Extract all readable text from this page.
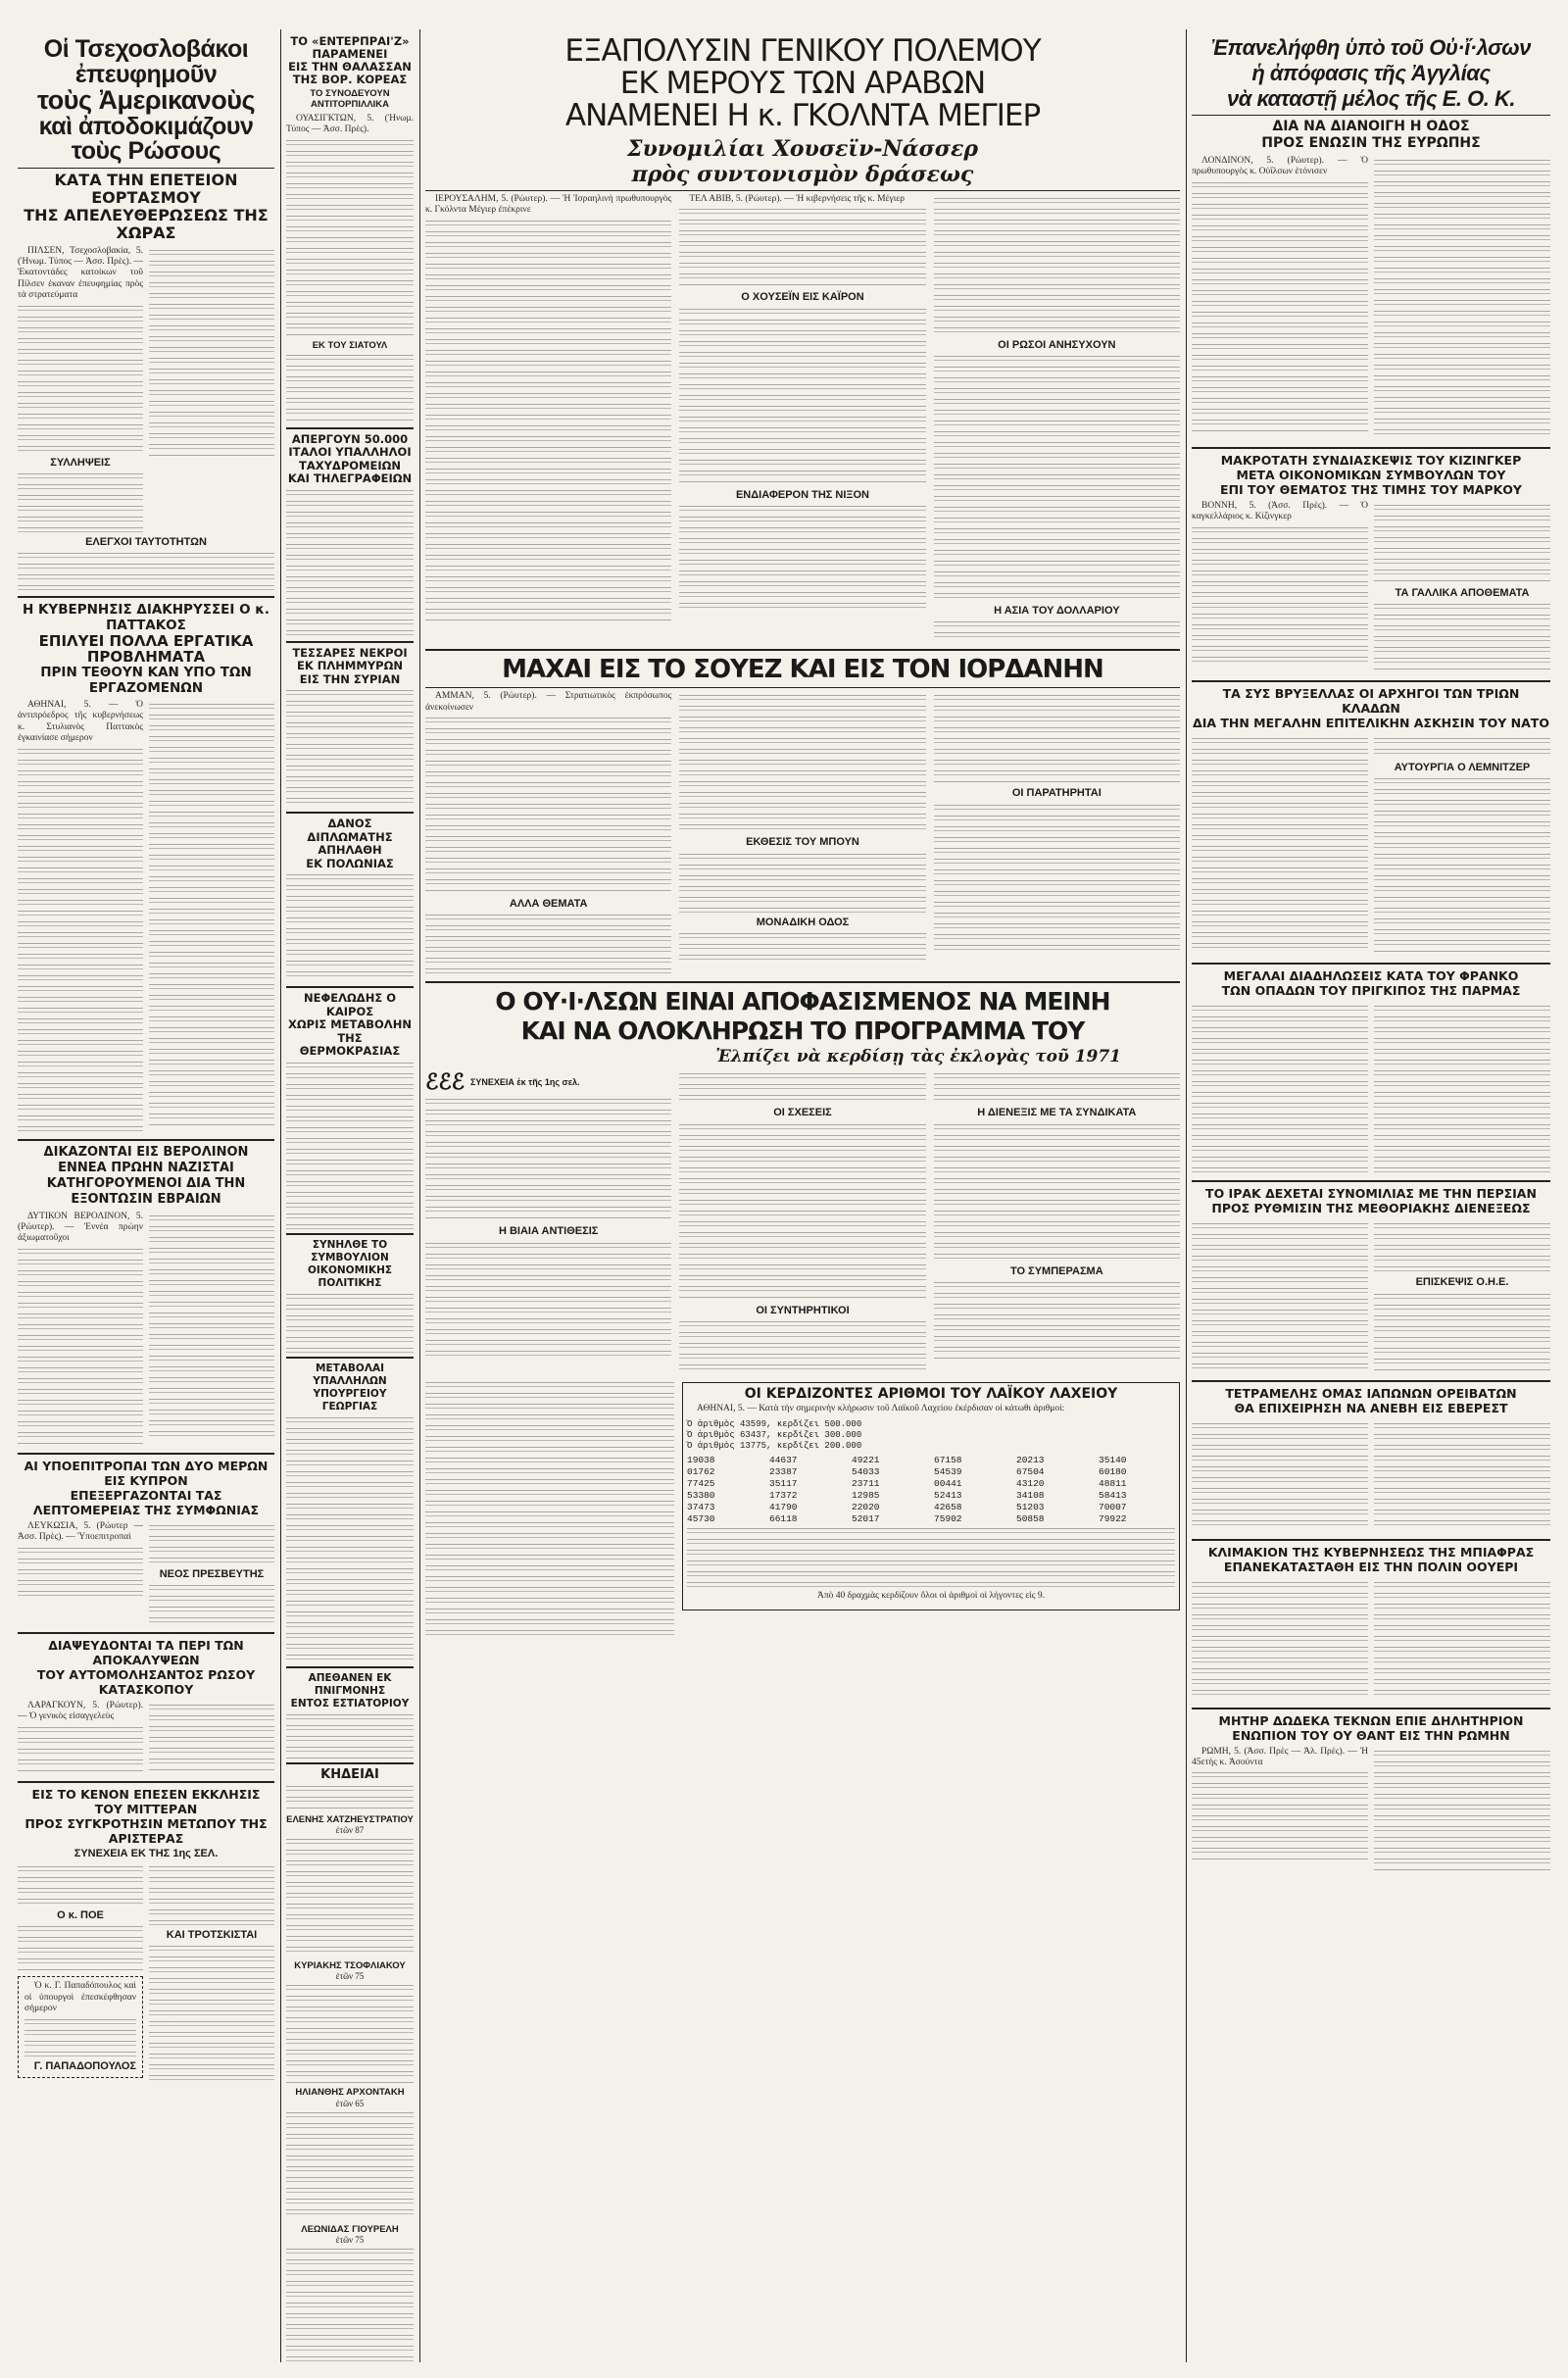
Οἱ Τσεχοσλοβάκοι ἐπευφημοῦν
τοὺς Ἀμερικανοὺς
καὶ ἀποδοκιμάζουν τοὺς Ρώσους
ΚΑΤΑ ΤΗΝ ΕΠΕΤΕΙΟΝ ΕΟΡΤΑΣΜΟΥ
ΤΗΣ ΑΠΕΛΕΥΘΕΡΩΣΕΩΣ ΤΗΣ ΧΩΡΑΣ

ΠΙΛΣΕΝ, Τσεχοσλοβακία, 5. (Ἡνωμ. Τύπος — Ἀσσ. Πρὲς). — Ἐκατοντάδες κατοίκων τοῦ Πίλσεν ἐκαναν ἐπευφημίας πρὸς τὰ στρατεύματα

ΣΥΛΛΗΨΕΙΣ
ΕΛΕΓΧΟΙ ΤΑΥΤΟΤΗΤΩΝ
Η ΚΥΒΕΡΝΗΣΙΣ ΔΙΑΚΗΡΥΣΣΕΙ Ο κ. ΠΑΤΤΑΚΟΣ
ΕΠΙΛΥΕΙ ΠΟΛΛΑ ΕΡΓΑΤΙΚΑ ΠΡΟΒΛΗΜΑΤΑ
ΠΡΙΝ ΤΕΘΟΥΝ ΚΑΝ ΥΠΟ ΤΩΝ ΕΡΓΑΖΟΜΕΝΩΝ

ΑΘΗΝΑΙ, 5. — Ὁ ἀντιπρόεδρος τῆς κυβερνήσεως κ. Στυλιανὸς Παττακὸς ἐγκαινίασε σήμερον

ΔΙΚΑΖΟΝΤΑΙ ΕΙΣ ΒΕΡΟΛΙΝΟΝ ΕΝΝΕΑ ΠΡΩΗΝ ΝΑΖΙΣΤΑΙ
ΚΑΤΗΓΟΡΟΥΜΕΝΟΙ ΔΙΑ ΤΗΝ ΕΞΟΝΤΩΣΙΝ ΕΒΡΑΙΩΝ

ΔΥΤΙΚΟΝ ΒΕΡΟΛΙΝΟΝ, 5. (Ρώυτερ). — Ἐννέα πρώην ἀξιωματοῦχοι

ΑΙ ΥΠΟΕΠΙΤΡΟΠΑΙ ΤΩΝ ΔΥΟ ΜΕΡΩΝ ΕΙΣ ΚΥΠΡΟΝ
ΕΠΕΞΕΡΓΑΖΟΝΤΑΙ ΤΑΣ ΛΕΠΤΟΜΕΡΕΙΑΣ ΤΗΣ ΣΥΜΦΩΝΙΑΣ

ΛΕΥΚΩΣΙΑ, 5. (Ρώυτερ — Ἀσσ. Πρὲς). — Ὑποεπιτροπαὶ

ΝΕΟΣ ΠΡΕΣΒΕΥΤΗΣ
ΔΙΑΨΕΥΔΟΝΤΑΙ ΤΑ ΠΕΡΙ ΤΩΝ ΑΠΟΚΑΛΥΨΕΩΝ
ΤΟΥ ΑΥΤΟΜΟΛΗΣΑΝΤΟΣ ΡΩΣΟΥ ΚΑΤΑΣΚΟΠΟΥ

ΛΑΡΑΓΚΟΥΝ, 5. (Ρώυτερ). — Ὁ γενικὸς εἰσαγγελεὺς

ΕΙΣ ΤΟ ΚΕΝΟΝ ΕΠΕΣΕΝ ΕΚΚΛΗΣΙΣ ΤΟΥ ΜΙΤΤΕΡΑΝ
ΠΡΟΣ ΣΥΓΚΡΟΤΗΣΙΝ ΜΕΤΩΠΟΥ ΤΗΣ ΑΡΙΣΤΕΡΑΣ
ΣΥΝΕΧΕΙΑ ΕΚ ΤΗΣ 1ης ΣΕΛ.
Ο κ. ΠΟΕ

Ὁ κ. Γ. Παπαδόπουλος καὶ οἱ ὑπουργοὶ ἐπεσκέφθησαν σήμερον

Γ. ΠΑΠΑΔΟΠΟΥΛΟΣ
ΚΑΙ ΤΡΟΤΣΚΙΣΤΑΙ
ΤΟ «ΕΝΤΕΡΠΡΑΙ'Ζ»
ΠΑΡΑΜΕΝΕΙ
ΕΙΣ ΤΗΝ ΘΑΛΑΣΣΑΝ
ΤΗΣ ΒΟΡ. ΚΟΡΕΑΣ
ΤΟ ΣΥΝΟΔΕΥΟΥΝ
ΑΝΤΙΤΟΡΠΙΛΛΙΚΑ

ΟΥΑΣΙΓΚΤΩΝ, 5. (Ἡνωμ. Τύπος — Ἀσσ. Πρὲς).

ΕΚ ΤΟΥ ΣΙΑΤΟΥΛ
ΑΠΕΡΓΟΥΝ 50.000
ΙΤΑΛΟΙ ΥΠΑΛΛΗΛΟΙ
ΤΑΧΥΔΡΟΜΕΙΩΝ
ΚΑΙ ΤΗΛΕΓΡΑΦΕΙΩΝ
ΤΕΣΣΑΡΕΣ ΝΕΚΡΟΙ
ΕΚ ΠΛΗΜΜΥΡΩΝ
ΕΙΣ ΤΗΝ ΣΥΡΙΑΝ
ΔΑΝΟΣ ΔΙΠΛΩΜΑΤΗΣ
ΑΠΗΛΑΘΗ
ΕΚ ΠΟΛΩΝΙΑΣ
ΝΕΦΕΛΩΔΗΣ Ο ΚΑΙΡΟΣ
ΧΩΡΙΣ ΜΕΤΑΒΟΛΗΝ
ΤΗΣ ΘΕΡΜΟΚΡΑΣΙΑΣ
ΣΥΝΗΛΘΕ ΤΟ ΣΥΜΒΟΥΛΙΟΝ
ΟΙΚΟΝΟΜΙΚΗΣ ΠΟΛΙΤΙΚΗΣ
ΜΕΤΑΒΟΛΑΙ ΥΠΑΛΛΗΛΩΝ
ΥΠΟΥΡΓΕΙΟΥ ΓΕΩΡΓΙΑΣ
ΑΠΕΘΑΝΕΝ ΕΚ ΠΝΙΓΜΟΝΗΣ
ΕΝΤΟΣ ΕΣΤΙΑΤΟΡΙΟΥ
ΚΗΔΕΙΑΙ
ΕΛΕΝΗΣ ΧΑΤΖΗΕΥΣΤΡΑΤΙΟΥ
ἐτῶν 87
ΚΥΡΙΑΚΗΣ ΤΣΟΦΛΙΑΚΟΥ
ἐτῶν 75
ΗΛΙΑΝΘΗΣ ΑΡΧΟΝΤΑΚΗ
ἐτῶν 65
ΛΕΩΝΙΔΑΣ ΓΙΟΥΡΕΛΗ
ἐτῶν 75
ΕΞΑΠΟΛΥΣΙΝ ΓΕΝΙΚΟΥ ΠΟΛΕΜΟΥ
ΕΚ ΜΕΡΟΥΣ ΤΩΝ ΑΡΑΒΩΝ
ΑΝΑΜΕΝΕΙ Η κ. ΓΚΟΛΝΤΑ ΜΕΓΙΕΡ
Συνομιλίαι Χουσεϊν-Νάσσερ
πρὸς συντονισμὸν δράσεως

ΙΕΡΟΥΣΑΛΗΜ, 5. (Ρώυτερ). — Ἡ Ἰσραηλινὴ πρωθυπουργὸς κ. Γκόλντα Μέγιερ ἐπέκρινε

ΤΕΛ ΑΒΙΒ, 5. (Ρώυτερ). — Ἡ κιβερνήσεις τῆς κ. Μέγιερ

Ο ΧΟΥΣΕΪΝ ΕΙΣ ΚΑΪΡΟΝ
ΕΝΔΙΑΦΕΡΟΝ ΤΗΣ ΝΙΞΟΝ
ΟΙ ΡΩΣΟΙ ΑΝΗΣΥΧΟΥΝ
Η ΑΣΙΑ ΤΟΥ ΔΟΛΛΑΡΙΟΥ
ΜΑΧΑΙ ΕΙΣ ΤΟ ΣΟΥΕΖ ΚΑΙ ΕΙΣ ΤΟΝ ΙΟΡΔΑΝΗΝ

ΑΜΜΑΝ, 5. (Ρώυτερ). — Στρατιωτικὸς ἐκπρόσωπος ἀνεκοίνωσεν

ΑΛΛΑ ΘΕΜΑΤΑ
ΕΚΘΕΣΙΣ ΤΟΥ ΜΠΟΥΝ
ΜΟΝΑΔΙΚΗ ΟΔΟΣ
ΟΙ ΠΑΡΑΤΗΡΗΤΑΙ
Ο ΟΥ·Ι·ΛΣΩΝ ΕΙΝΑΙ ΑΠΟΦΑΣΙΣΜΕΝΟΣ ΝΑ ΜΕΙΝΗ
ΚΑΙ ΝΑ ΟΛΟΚΛΗΡΩΣΗ ΤΟ ΠΡΟΓΡΑΜΜΑ ΤΟΥ
Ἐλπίζει νὰ κερδίσῃ τὰς ἐκλογὰς τοῦ 1971
ℰℰℰ ΣΥΝΕΧΕΙΑ ἐκ τῆς 1ης σελ.
Η ΒΙΑΙΑ ΑΝΤΙΘΕΣΙΣ
ΟΙ ΣΧΕΣΕΙΣ
ΟΙ ΣΥΝΤΗΡΗΤΙΚΟΙ
Η ΔΙΕΝΕΞΙΣ ΜΕ ΤΑ ΣΥΝΔΙΚΑΤΑ
ΤΟ ΣΥΜΠΕΡΑΣΜΑ
ΟΙ ΚΕΡΔΙΖΟΝΤΕΣ ΑΡΙΘΜΟΙ ΤΟΥ ΛΑΪΚΟΥ ΛΑΧΕΙΟΥ

ΑΘΗΝΑΙ, 5. — Κατὰ τὴν σημερινὴν κλήρωσιν τοῦ Λαϊκοῦ Λαχείου ἐκέρδισαν οἱ κάτωθι ἀριθμοί:

Ὁ ἀριθμὸς 43599, κερδίζει 500.000
Ὁ ἀριθμὸς 63437, κερδίζει 300.000
Ὁ ἀριθμὸς 13775, κερδίζει 200.000
19038	44637	49221	67158	20213	35140
01762	23387	54033	54539	67504	60180
77425	35117	23711	00441	43120	48811
53380	17372	12985	52413	34108	58413
37473	41790	22020	42658	51203	70007
45730	66118	52017	75902	50858	79922

Ἀπὸ 40 δραχμὰς κερδίζουν ὅλοι οἱ ἀριθμοὶ οἱ λήγοντες εἰς 9.

Ἐπανελήφθη ὑπὸ τοῦ Οὐ·ἴ·λσων
ἡ ἀπόφασις τῆς Ἀγγλίας
νὰ καταστῇ μέλος τῆς Ε. Ο. Κ.
ΔΙΑ ΝΑ ΔΙΑΝΟΙΓΗ Η ΟΔΟΣ
ΠΡΟΣ ΕΝΩΣΙΝ ΤΗΣ ΕΥΡΩΠΗΣ

ΛΟΝΔΙΝΟΝ, 5. (Ρώυτερ). — Ὁ πρωθυπουργὸς κ. Οὐΐλσων ἐτόνισεν

ΜΑΚΡΟΤΑΤΗ ΣΥΝΔΙΑΣΚΕΨΙΣ ΤΟΥ ΚΙΖΙΝΓΚΕΡ
ΜΕΤΑ ΟΙΚΟΝΟΜΙΚΩΝ ΣΥΜΒΟΥΛΩΝ ΤΟΥ
ΕΠΙ ΤΟΥ ΘΕΜΑΤΟΣ ΤΗΣ ΤΙΜΗΣ ΤΟΥ ΜΑΡΚΟΥ

ΒΟΝΝΗ, 5. (Ἀσσ. Πρὲς). — Ὁ καγκελλάριος κ. Κίζινγκερ

ΤΑ ΓΑΛΛΙΚΑ ΑΠΟΘΕΜΑΤΑ
ΤΑ ΣΥΣ ΒΡΥΞΕΛΛΑΣ ΟΙ ΑΡΧΗΓΟΙ ΤΩΝ ΤΡΙΩΝ ΚΛΑΔΩΝ
ΔΙΑ ΤΗΝ ΜΕΓΑΛΗΝ ΕΠΙΤΕΛΙΚΗΝ ΑΣΚΗΣΙΝ ΤΟΥ ΝΑΤΟ
ΑΥΤΟΥΡΓΙΑ Ο ΛΕΜΝΙΤΖΕΡ
ΜΕΓΑΛΑΙ ΔΙΑΔΗΛΩΣΕΙΣ ΚΑΤΑ ΤΟΥ ΦΡΑΝΚΟ
ΤΩΝ ΟΠΑΔΩΝ ΤΟΥ ΠΡΙΓΚΙΠΟΣ ΤΗΣ ΠΑΡΜΑΣ
ΤΟ ΙΡΑΚ ΔΕΧΕΤΑΙ ΣΥΝΟΜΙΛΙΑΣ ΜΕ ΤΗΝ ΠΕΡΣΙΑΝ
ΠΡΟΣ ΡΥΘΜΙΣΙΝ ΤΗΣ ΜΕΘΟΡΙΑΚΗΣ ΔΙΕΝΕΞΕΩΣ
ΕΠΙΣΚΕΨΙΣ Ο.Η.Ε.
ΤΕΤΡΑΜΕΛΗΣ ΟΜΑΣ ΙΑΠΩΝΩΝ ΟΡΕΙΒΑΤΩΝ
ΘΑ ΕΠΙΧΕΙΡΗΣΗ ΝΑ ΑΝΕΒΗ ΕΙΣ ΕΒΕΡΕΣΤ
ΚΛΙΜΑΚΙΟΝ ΤΗΣ ΚΥΒΕΡΝΗΣΕΩΣ ΤΗΣ ΜΠΙΑΦΡΑΣ
ΕΠΑΝΕΚΑΤΑΣΤΑΘΗ ΕΙΣ ΤΗΝ ΠΟΛΙΝ ΟΟΥΕΡΙ
ΜΗΤΗΡ ΔΩΔΕΚΑ ΤΕΚΝΩΝ ΕΠΙΕ ΔΗΛΗΤΗΡΙΟΝ
ΕΝΩΠΙΟΝ ΤΟΥ ΟΥ ΘΑΝΤ ΕΙΣ ΤΗΝ ΡΩΜΗΝ

ΡΩΜΗ, 5. (Ἀσσ. Πρὲς — Ἀλ. Πρὲς). — Ἡ 45ετὴς κ. Ἀσούντα
